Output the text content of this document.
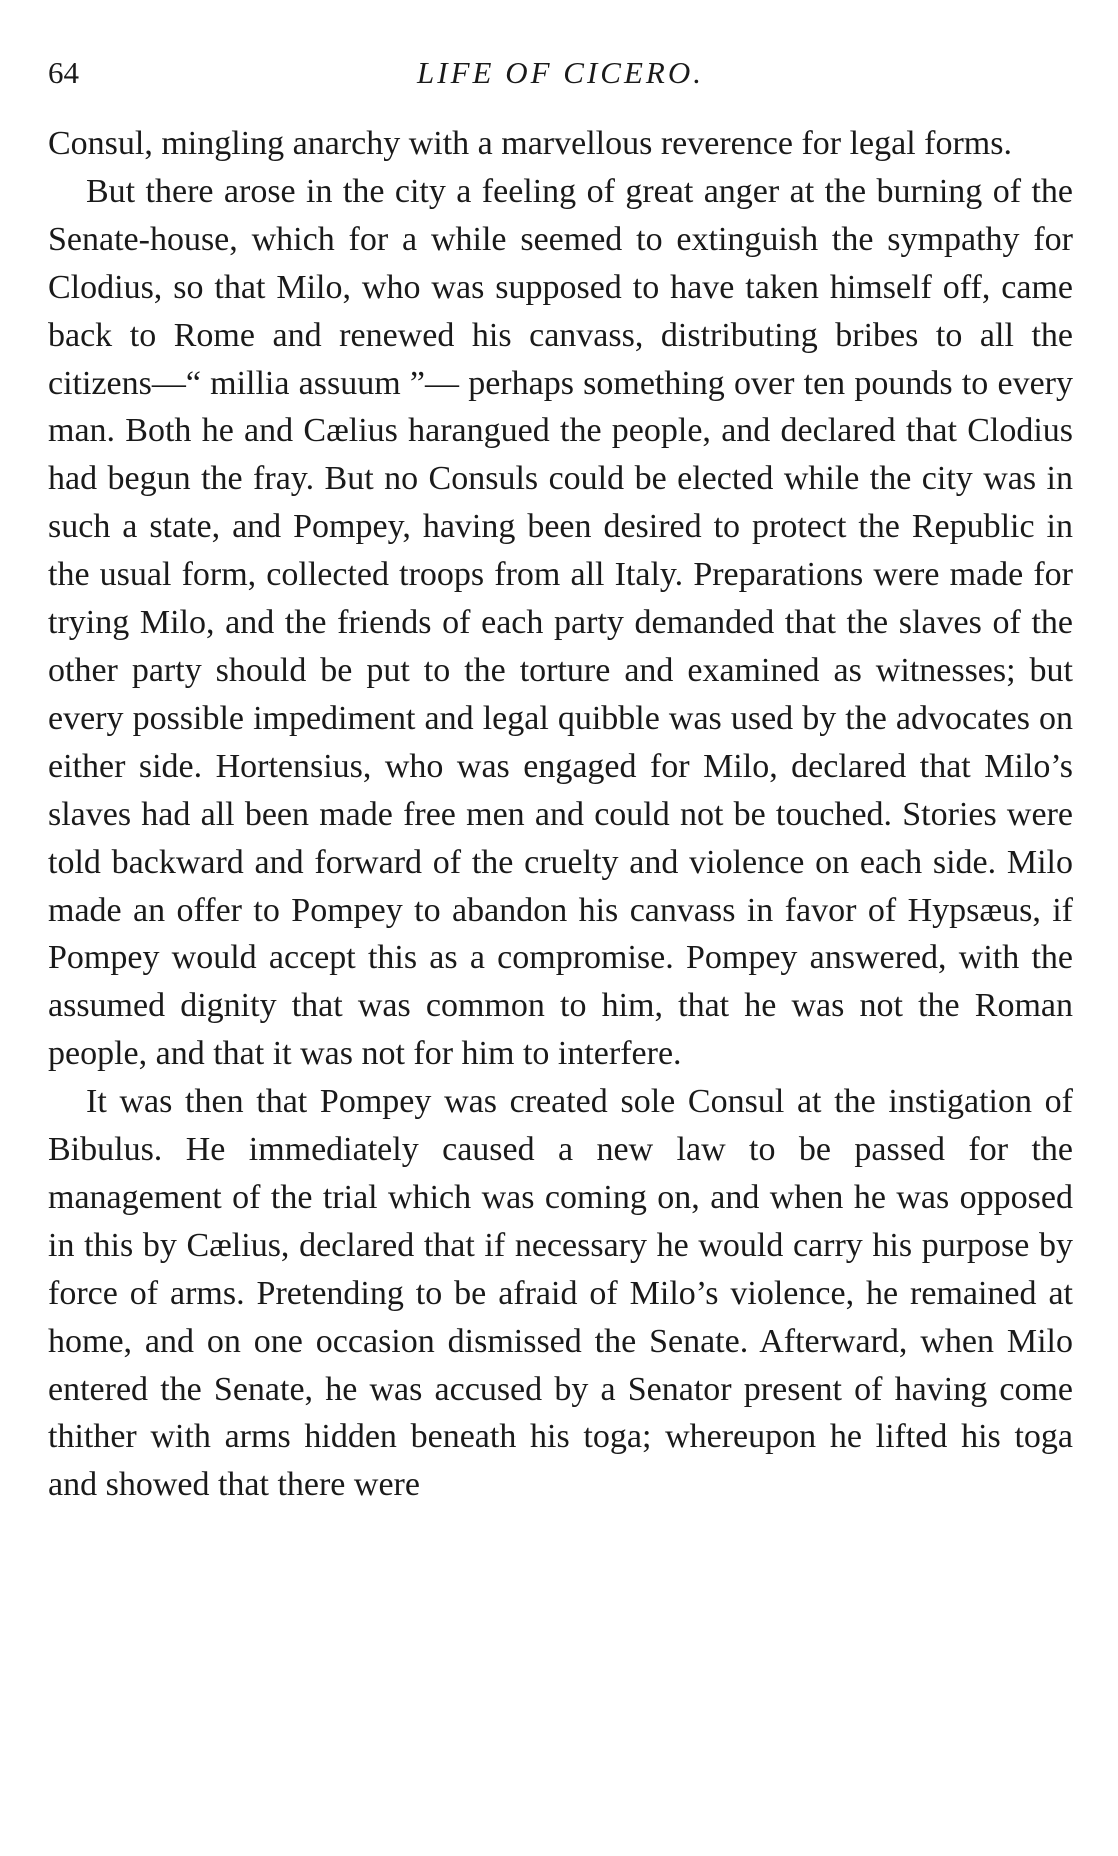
64	LIFE OF CICERO.

Consul, mingling anarchy with a marvellous reverence for legal forms.

But there arose in the city a feeling of great anger at the burning of the Senate-house, which for a while seemed to extinguish the sympathy for Clodius, so that Milo, who was supposed to have taken himself off, came back to Rome and renewed his canvass, distributing bribes to all the citizens—“ millia assuum ”— perhaps something over ten pounds to every man. Both he and Cælius harangued the people, and declared that Clodius had begun the fray. But no Consuls could be elected while the city was in such a state, and Pompey, having been desired to protect the Republic in the usual form, collected troops from all Italy. Preparations were made for trying Milo, and the friends of each party demanded that the slaves of the other party should be put to the torture and examined as witnesses; but every possible impediment and legal quibble was used by the advocates on either side. Hortensius, who was engaged for Milo, declared that Milo’s slaves had all been made free men and could not be touched. Stories were told backward and forward of the cruelty and violence on each side. Milo made an offer to Pompey to abandon his canvass in favor of Hypsæus, if Pompey would accept this as a compromise. Pompey answered, with the assumed dignity that was common to him, that he was not the Roman people, and that it was not for him to interfere.

It was then that Pompey was created sole Consul at the instigation of Bibulus. He immediately caused a new law to be passed for the management of the trial which was coming on, and when he was opposed in this by Cælius, declared that if necessary he would carry his purpose by force of arms. Pretending to be afraid of Milo’s violence, he remained at home, and on one occasion dismissed the Senate. Afterward, when Milo entered the Senate, he was accused by a Senator present of having come thither with arms hidden beneath his toga; whereupon he lifted his toga and showed that there were
